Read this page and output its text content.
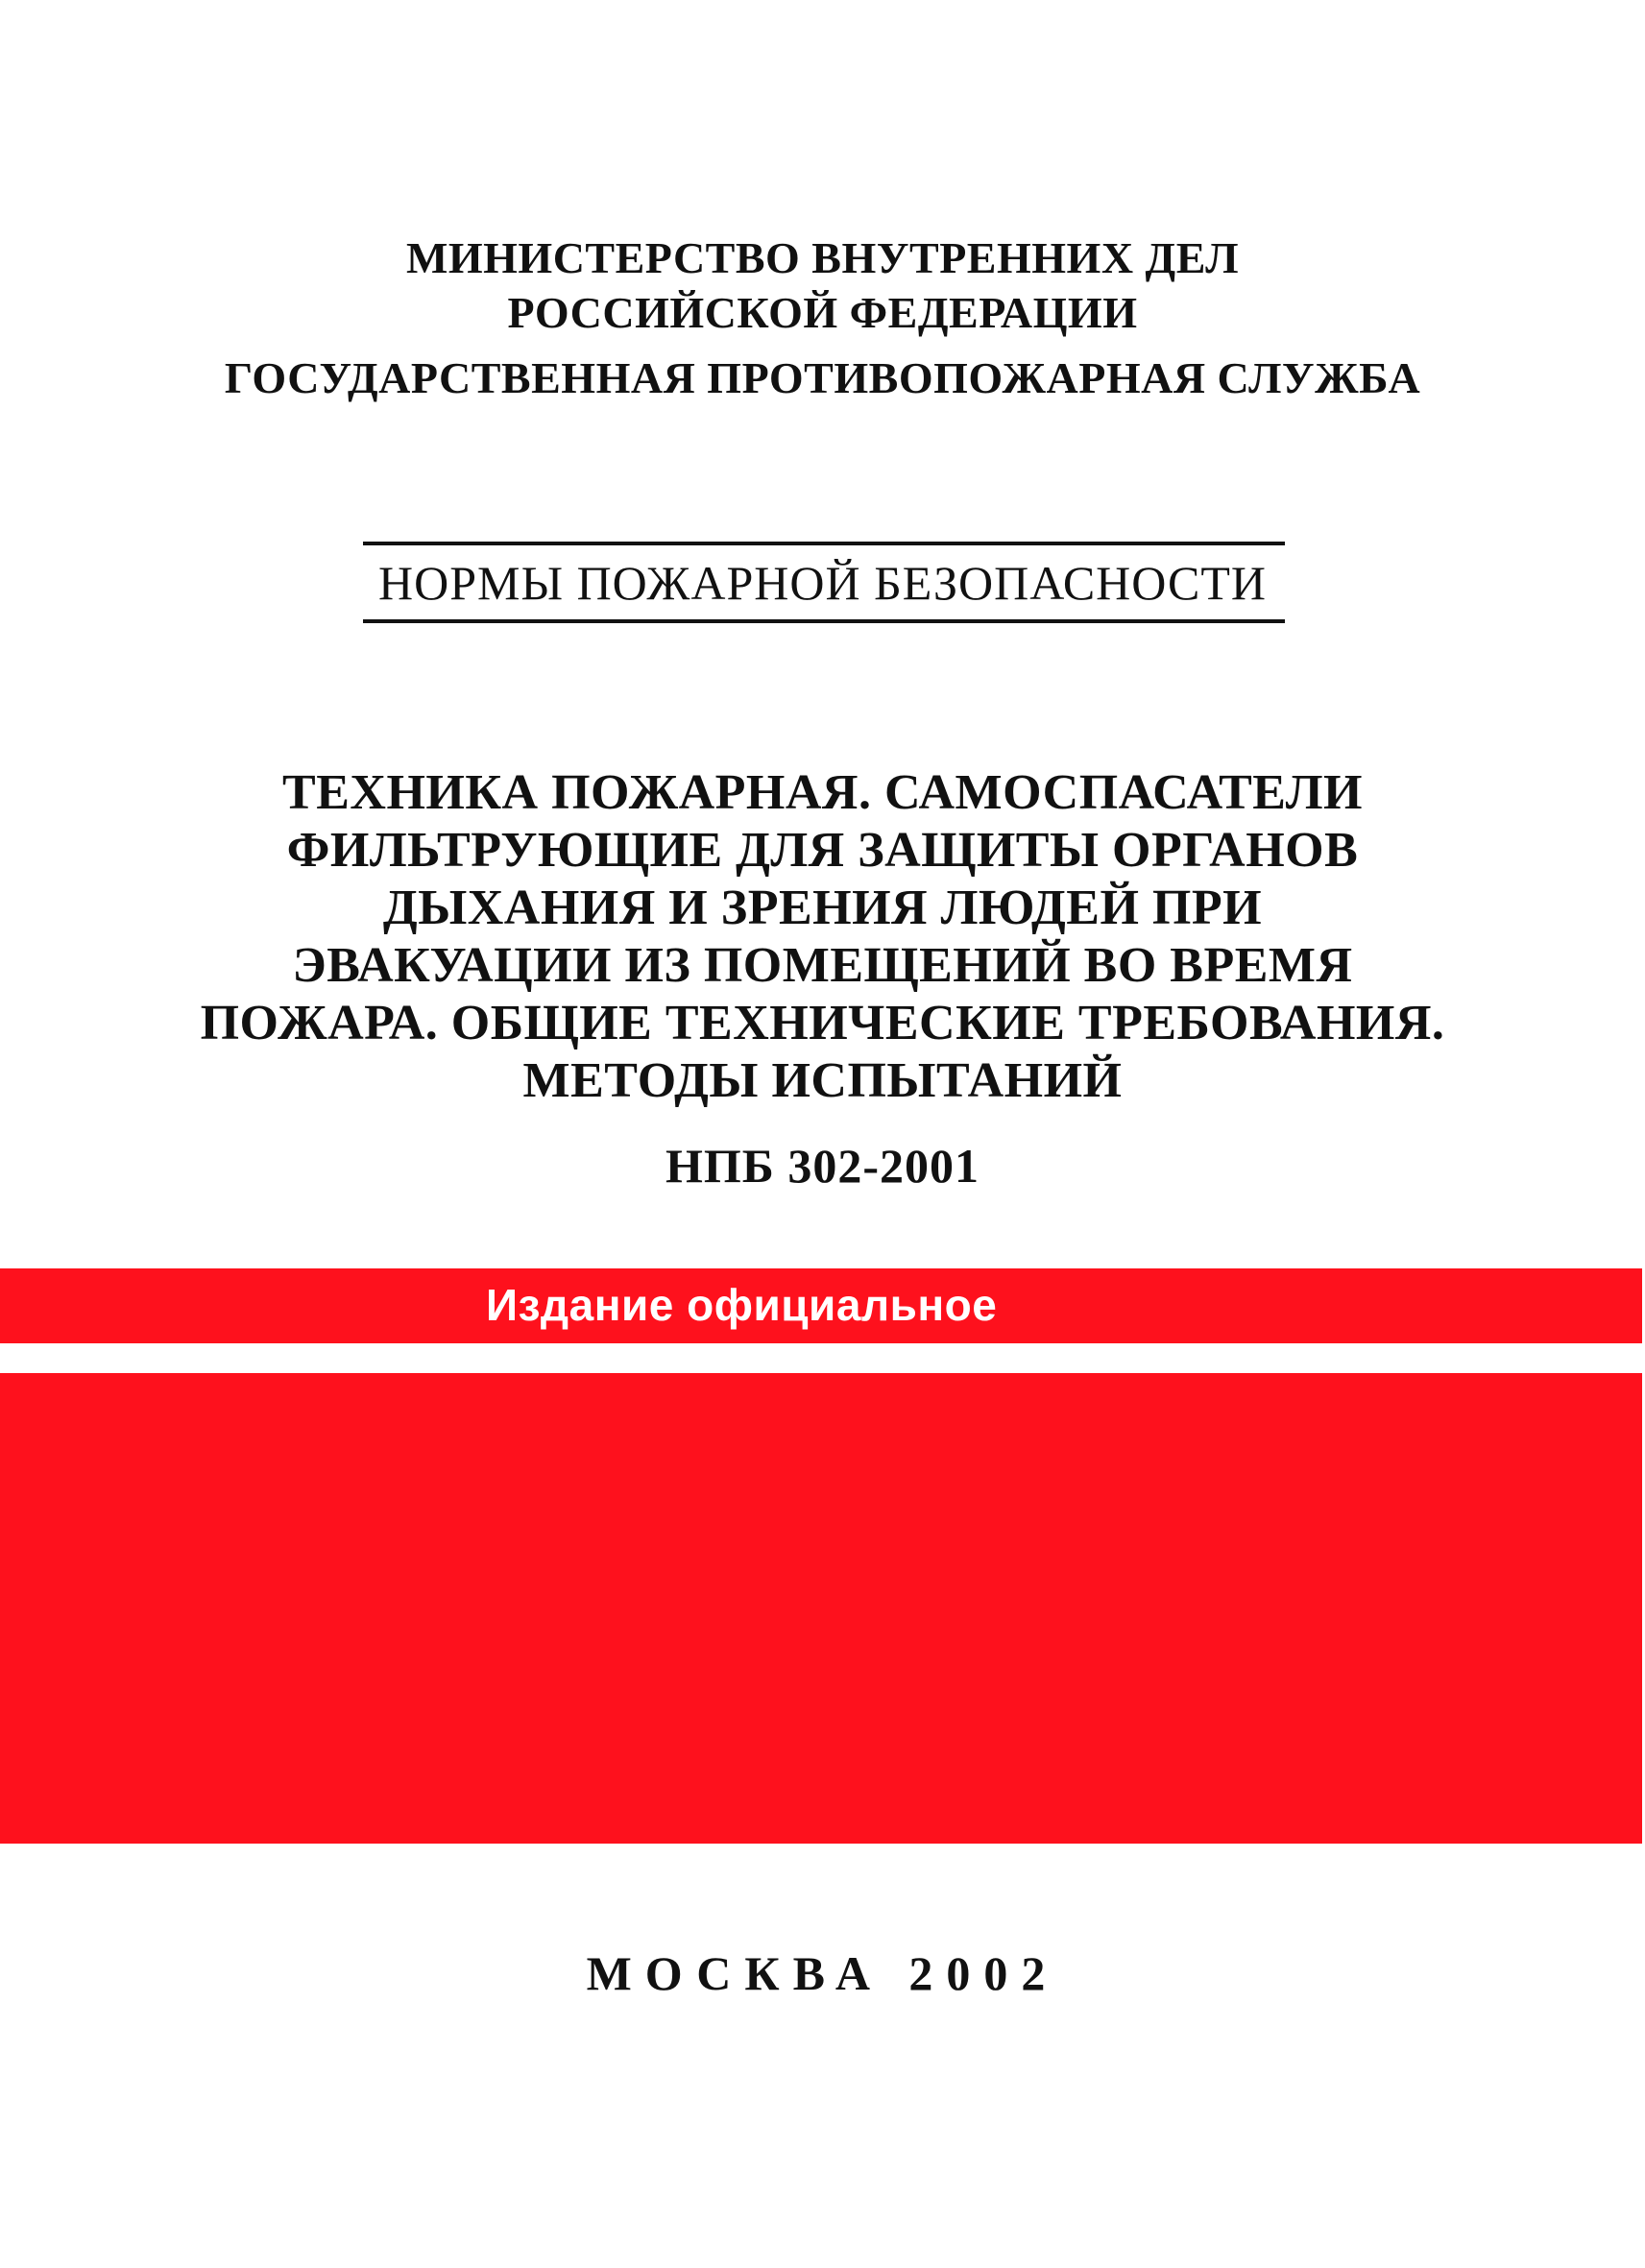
МИНИСТЕРСТВО ВНУТРЕННИХ ДЕЛ
РОССИЙСКОЙ ФЕДЕРАЦИИ
ГОСУДАРСТВЕННАЯ ПРОТИВОПОЖАРНАЯ СЛУЖБА
НОРМЫ ПОЖАРНОЙ БЕЗОПАСНОСТИ
ТЕХНИКА ПОЖАРНАЯ. САМОСПАСАТЕЛИ
ФИЛЬТРУЮЩИЕ ДЛЯ ЗАЩИТЫ ОРГАНОВ
ДЫХАНИЯ И ЗРЕНИЯ ЛЮДЕЙ ПРИ
ЭВАКУАЦИИ ИЗ ПОМЕЩЕНИЙ ВО ВРЕМЯ
ПОЖАРА. ОБЩИЕ ТЕХНИЧЕСКИЕ ТРЕБОВАНИЯ.
МЕТОДЫ ИСПЫТАНИЙ
НПБ 302-2001
Издание официальное
МОСКВА 2002
